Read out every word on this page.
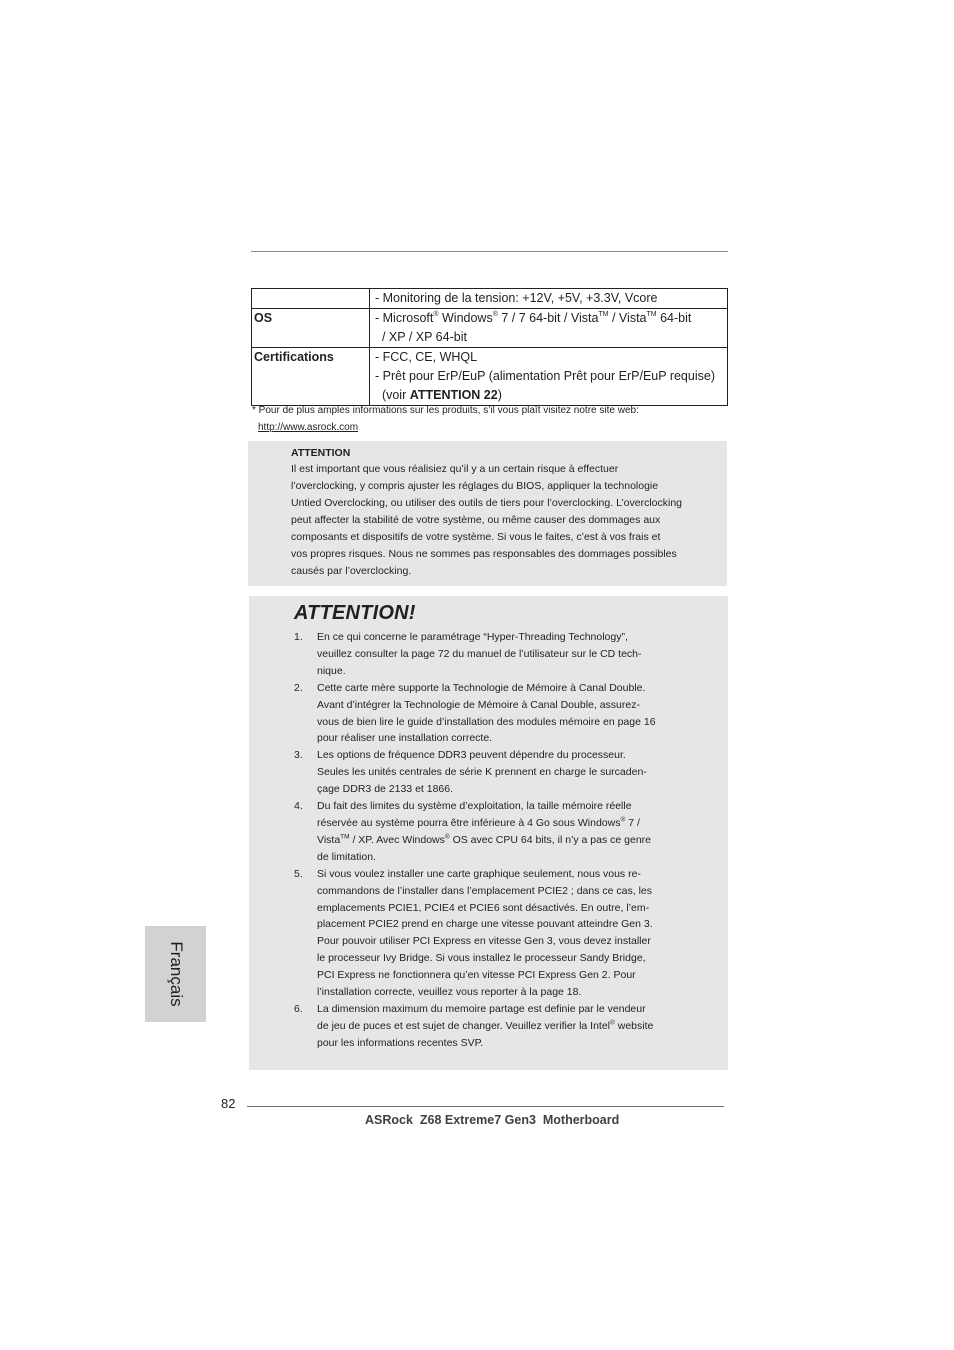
	- Monitoring de la tension: +12V, +5V, +3.3V, Vcore

OS	- Microsoft® Windows® 7 / 7 64-bit / Vista™ / Vista™ 64-bit
/ XP / XP 64-bit

Certifications	- FCC, CE, WHQL
- Prêt pour ErP/EuP (alimentation Prêt pour ErP/EuP requise)
(voir ATTENTION 22)
* Pour de plus amples informations sur les produits, s’il vous plaît visitez notre site web:
http://www.asrock.com
ATTENTION
Il est important que vous réalisiez qu’il y a un certain risque à effectuer
l’overclocking, y compris ajuster les réglages du BIOS, appliquer la technologie
Untied Overclocking, ou utiliser des outils de tiers pour l’overclocking. L’overclocking
peut affecter la stabilité de votre système, ou même causer des dommages aux
composants et dispositifs de votre système. Si vous le faites, c’est à vos frais et
vos propres risques. Nous ne sommes pas responsables des dommages possibles
causés par l’overclocking.
ATTENTION!
1. En ce qui concerne le paramétrage “Hyper-Threading Technology”,
veuillez consulter la page 72 du manuel de l’utilisateur sur le CD tech-
nique.
2. Cette carte mère supporte la Technologie de Mémoire à Canal Double.
Avant d’intégrer la Technologie de Mémoire à Canal Double, assurez-
vous de bien lire le guide d’installation des modules mémoire en page 16
pour réaliser une installation correcte.
3. Les options de fréquence DDR3 peuvent dépendre du processeur.
Seules les unités centrales de série K prennent en charge le surcaden-
çage DDR3 de 2133 et 1866.
4. Du fait des limites du système d’exploitation, la taille mémoire réelle
réservée au système pourra être inférieure à 4 Go sous Windows® 7 /
Vista™ / XP. Avec Windows® OS avec CPU 64 bits, il n’y a pas ce genre
de limitation.
5. Si vous voulez installer une carte graphique seulement, nous vous re-
commandons de l’installer dans l’emplacement PCIE2 ; dans ce cas, les
emplacements PCIE1, PCIE4 et PCIE6 sont désactivés. En outre, l’em-
placement PCIE2 prend en charge une vitesse pouvant atteindre Gen 3.
Pour pouvoir utiliser PCI Express en vitesse Gen 3, vous devez installer
le processeur Ivy Bridge. Si vous installez le processeur Sandy Bridge,
PCI Express ne fonctionnera qu’en vitesse PCI Express Gen 2. Pour
l’installation correcte, veuillez vous reporter à la page 18.
6. La dimension maximum du memoire partage est definie par le vendeur
de jeu de puces et est sujet de changer. Veuillez verifier la Intel® website
pour les informations recentes SVP.
Français
82
ASRock  Z68 Extreme7 Gen3  Motherboard
